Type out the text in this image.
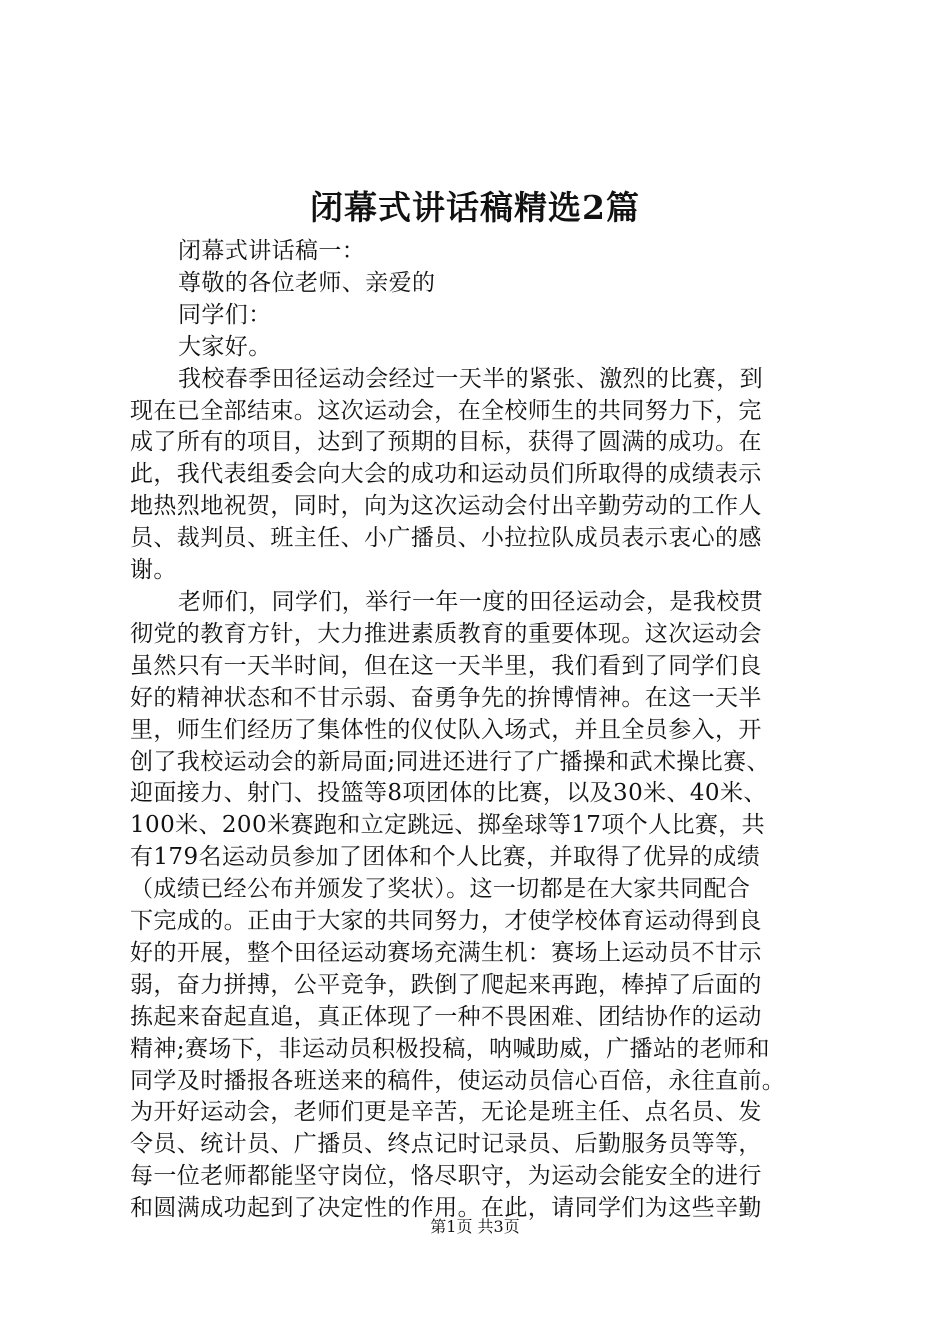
闭幕式讲话稿精选2篇

闭幕式讲话稿一：

尊敬的各位老师、亲爱的

同学们：

大家好。

我校春季田径运动会经过一天半的紧张、激烈的比赛，到

现在已全部结束。这次运动会，在全校师生的共同努力下，完

成了所有的项目，达到了预期的目标，获得了圆满的成功。在

此，我代表组委会向大会的成功和运动员们所取得的成绩表示

地热烈地祝贺，同时，向为这次运动会付出辛勤劳动的工作人

员、裁判员、班主任、小广播员、小拉拉队成员表示衷心的感

谢。

老师们，同学们，举行一年一度的田径运动会，是我校贯

彻党的教育方针，大力推进素质教育的重要体现。这次运动会

虽然只有一天半时间，但在这一天半里，我们看到了同学们良

好的精神状态和不甘示弱、奋勇争先的拚博情神。在这一天半

里，师生们经历了集体性的仪仗队入场式，并且全员参入，开

创了我校运动会的新局面;同进还进行了广播操和武术操比赛、

迎面接力、射门、投篮等8项团体的比赛，以及30米、40米、

100米、200米赛跑和立定跳远、掷垒球等17项个人比赛，共

有179名运动员参加了团体和个人比赛，并取得了优异的成绩

（成绩已经公布并颁发了奖状）。这一切都是在大家共同配合

下完成的。正由于大家的共同努力，才使学校体育运动得到良

好的开展，整个田径运动赛场充满生机：赛场上运动员不甘示

弱，奋力拼搏，公平竞争，跌倒了爬起来再跑，棒掉了后面的

拣起来奋起直追，真正体现了一种不畏困难、团结协作的运动

精神;赛场下，非运动员积极投稿，呐喊助威，广播站的老师和

同学及时播报各班送来的稿件，使运动员信心百倍，永往直前。

为开好运动会，老师们更是辛苦，无论是班主任、点名员、发

令员、统计员、广播员、终点记时记录员、后勤服务员等等，

每一位老师都能坚守岗位，恪尽职守，为运动会能安全的进行

和圆满成功起到了决定性的作用。在此，请同学们为这些辛勤

第1页 共3页
